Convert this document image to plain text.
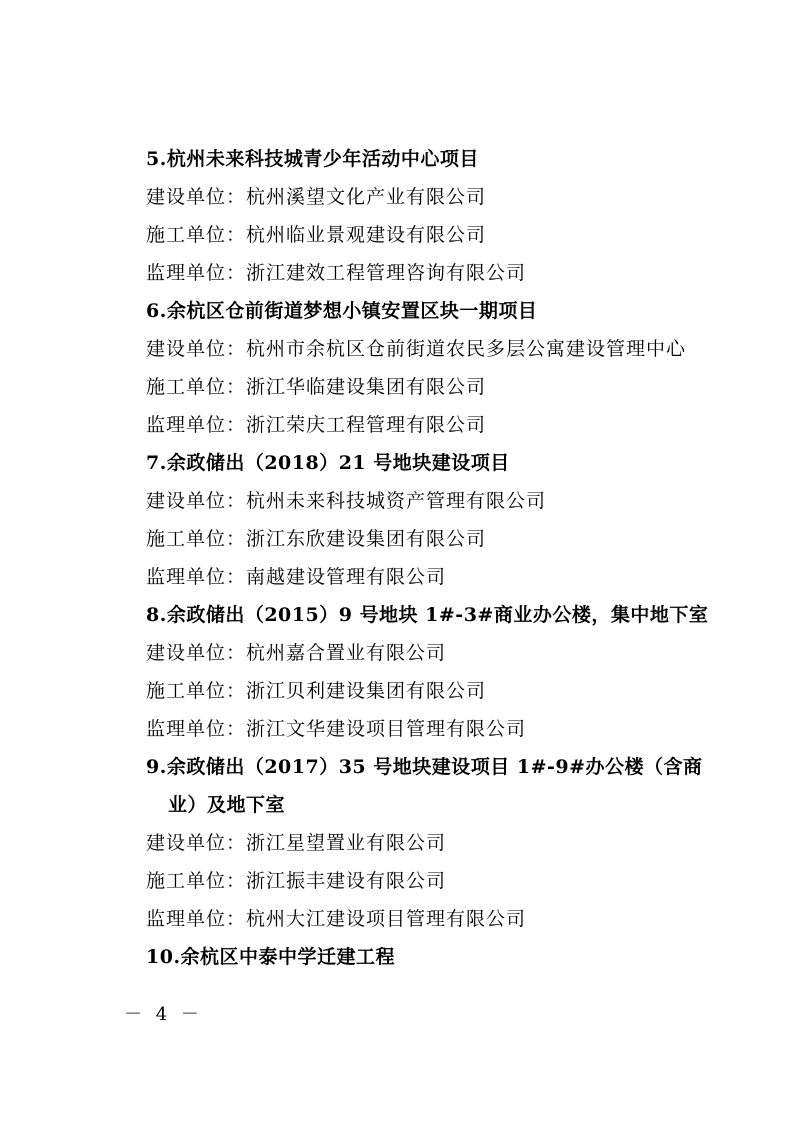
5.杭州未来科技城青少年活动中心项目
建设单位：杭州溪望文化产业有限公司
施工单位：杭州临业景观建设有限公司
监理单位：浙江建效工程管理咨询有限公司
6.余杭区仓前街道梦想小镇安置区块一期项目
建设单位：杭州市余杭区仓前街道农民多层公寓建设管理中心
施工单位：浙江华临建设集团有限公司
监理单位：浙江荣庆工程管理有限公司
7.余政储出（2018）21 号地块建设项目
建设单位：杭州未来科技城资产管理有限公司
施工单位：浙江东欣建设集团有限公司
监理单位：南越建设管理有限公司
8.余政储出（2015）9 号地块 1#-3#商业办公楼，集中地下室
建设单位：杭州嘉合置业有限公司
施工单位：浙江贝利建设集团有限公司
监理单位：浙江文华建设项目管理有限公司
9.余政储出（2017）35 号地块建设项目 1#-9#办公楼（含商
业）及地下室
建设单位：浙江星望置业有限公司
施工单位：浙江振丰建设有限公司
监理单位：杭州大江建设项目管理有限公司
10.余杭区中泰中学迁建工程
－ 4 －
